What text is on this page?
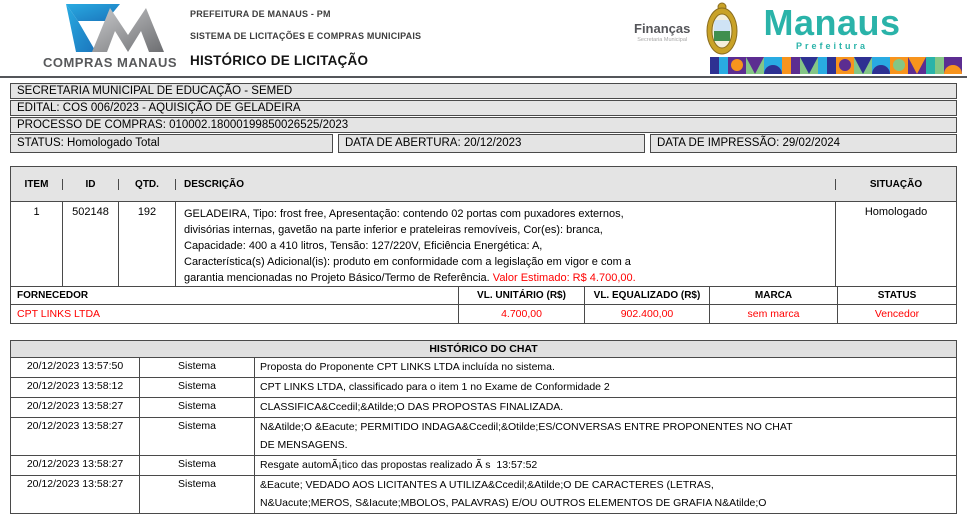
COMPRAS MANAUS
PREFEITURA DE MANAUS - PM
SISTEMA DE LICITAÇÕES E COMPRAS MUNICIPAIS
HISTÓRICO DE LICITAÇÃO
Finanças
Secretaria Municipal	Manaus
Prefeitura
SECRETARIA MUNICIPAL DE EDUCAÇÃO - SEMED
EDITAL: COS 006/2023 - AQUISIÇÃO DE GELADEIRA
PROCESSO DE COMPRAS: 010002.18000199850026525/2023
STATUS: Homologado Total	DATA DE ABERTURA: 20/12/2023	DATA DE IMPRESSÃO: 29/02/2024
ITEM	ID	QTD.	DESCRIÇÃO	SITUAÇÃO
1	502148	192	GELADEIRA, Tipo: frost free, Apresentação: contendo 02 portas com puxadores externos,
divisórias internas, gavetão na parte inferior e prateleiras removíveis, Cor(es): branca,
Capacidade: 400 a 410 litros, Tensão: 127/220V, Eficiência Energética: A,
Característica(s) Adicional(is): produto em conformidade com a legislação em vigor e com a
garantia mencionadas no Projeto Básico/Termo de Referência. Valor Estimado: R$ 4.700,00.
Homologado
FORNECEDOR	VL. UNITÁRIO (R$)	VL. EQUALIZADO (R$)	MARCA	STATUS
CPT LINKS LTDA	4.700,00	902.400,00	sem marca	Vencedor
HISTÓRICO DO CHAT
20/12/2023 13:57:50	Sistema	Proposta do Proponente CPT LINKS LTDA incluída no sistema.
20/12/2023 13:58:12	Sistema	CPT LINKS LTDA, classificado para o item 1 no Exame de Conformidade 2
20/12/2023 13:58:27	Sistema	CLASSIFICA&Ccedil;&Atilde;O DAS PROPOSTAS FINALIZADA.
20/12/2023 13:58:27	Sistema	N&Atilde;O &Eacute; PERMITIDO INDAGA&Ccedil;&Otilde;ES/CONVERSAS ENTRE PROPONENTES NO CHAT
DE MENSAGENS.
20/12/2023 13:58:27	Sistema	Resgate automÃ¡tico das propostas realizado Ã s  13:57:52
20/12/2023 13:58:27	Sistema	&Eacute; VEDADO AOS LICITANTES A UTILIZA&Ccedil;&Atilde;O DE CARACTERES (LETRAS,
N&Uacute;MEROS, S&Iacute;MBOLOS, PALAVRAS) E/OU OUTROS ELEMENTOS DE GRAFIA N&Atilde;O
